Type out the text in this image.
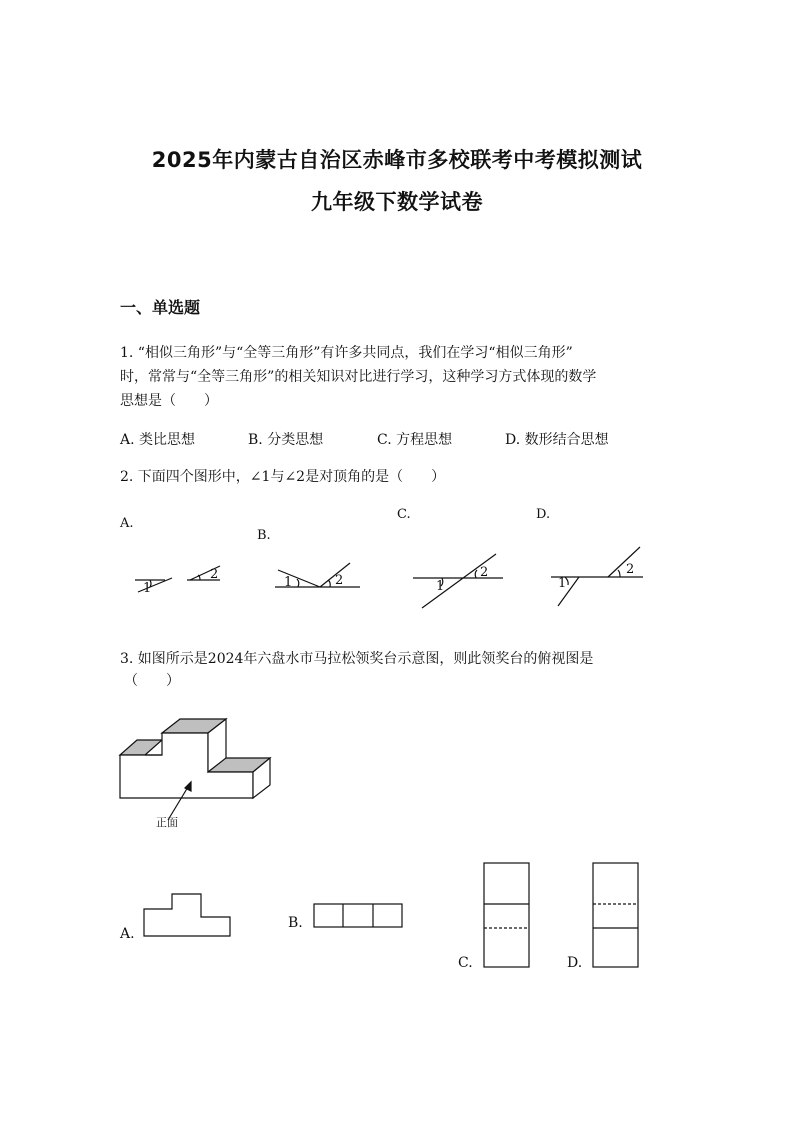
2025年内蒙古自治区赤峰市多校联考中考模拟测试
九年级下数学试卷
一、单选题
1. “相似三角形”与“全等三角形”有许多共同点，我们在学习“相似三角形”
时，常常与“全等三角形”的相关知识对比进行学习，这种学习方式体现的数学
思想是（　　）
A. 类比思想	B. 分类思想	C. 方程思想	D. 数形结合思想
2. 下面四个图形中，∠1与∠2是对顶角的是（　　）
A.
B.
C.	D.
1
2
1	2	1
2
1
2
3. 如图所示是2024年六盘水市马拉松领奖台示意图，则此领奖台的俯视图是
（　　）
正面
A.
B.
C.	D.
